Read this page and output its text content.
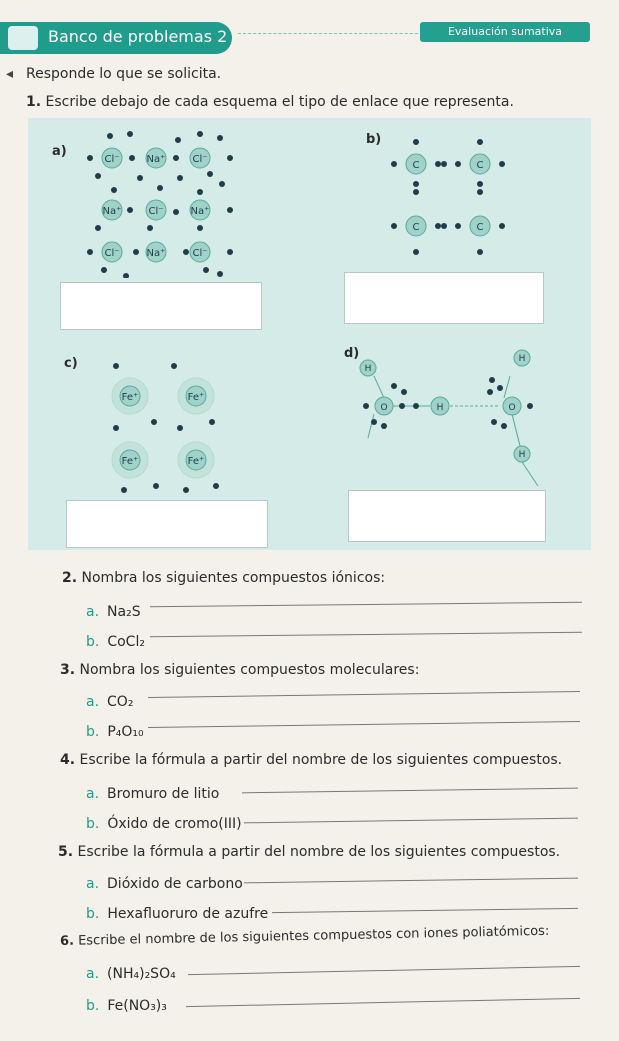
Banco de problemas 2	Evaluación sumativa
◂ Responde lo que se solicita.
1. Escribe debajo de cada esquema el tipo de enlace que representa.
a)
b)
c)
d)
Cl⁻	Na⁺	Cl⁻
Na⁺	Cl⁻	Na⁺
Cl⁻	Na⁺	Cl⁻
C	C
C	C
Fe⁺	Fe⁺
Fe⁺	Fe⁺
O	H	O
H
H
H
2. Nombra los siguientes compuestos iónicos:
a. Na₂S
b. CoCl₂
3. Nombra los siguientes compuestos moleculares:
a. CO₂
b. P₄O₁₀
4. Escribe la fórmula a partir del nombre de los siguientes compuestos.
a. Bromuro de litio
b. Óxido de cromo(III)
5. Escribe la fórmula a partir del nombre de los siguientes compuestos.
a. Dióxido de carbono
b. Hexafluoruro de azufre
6. Escribe el nombre de los siguientes compuestos con iones poliatómicos:
a. (NH₄)₂SO₄
b. Fe(NO₃)₃
